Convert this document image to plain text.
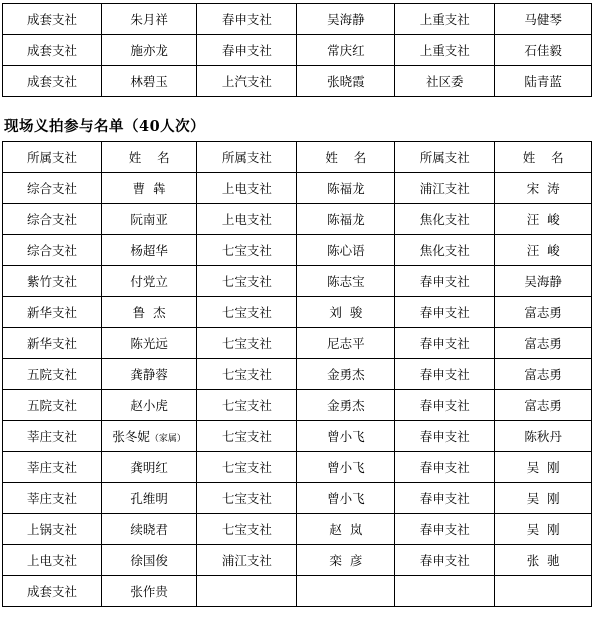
成套支社	朱月祥	春申支社	吴海静	上重支社	马健琴
成套支社	施亦龙	春申支社	常庆红	上重支社	石佳毅
成套支社	林碧玉	上汽支社	张晓霞	社区委	陆青蓝
现场义拍参与名单（40人次）
所属支社	姓    名	所属支社	姓    名	所属支社	姓    名
综合支社	曹  犇	上电支社	陈福龙	浦江支社	宋  涛
综合支社	阮南亚	上电支社	陈福龙	焦化支社	汪  峻
综合支社	杨超华	七宝支社	陈心语	焦化支社	汪  峻
紫竹支社	付党立	七宝支社	陈志宝	春申支社	吴海静
新华支社	鲁  杰	七宝支社	刘  骏	春申支社	富志勇
新华支社	陈光远	七宝支社	尼志平	春申支社	富志勇
五院支社	龚静蓉	七宝支社	金勇杰	春申支社	富志勇
五院支社	赵小虎	七宝支社	金勇杰	春申支社	富志勇
莘庄支社	张冬妮（家属）	七宝支社	曾小飞	春申支社	陈秋丹
莘庄支社	龚明红	七宝支社	曾小飞	春申支社	吴  刚
莘庄支社	孔维明	七宝支社	曾小飞	春申支社	吴  刚
上锅支社	续晓君	七宝支社	赵  岚	春申支社	吴  刚
上电支社	徐国俊	浦江支社	栾  彦	春申支社	张  驰
成套支社	张作贵				
